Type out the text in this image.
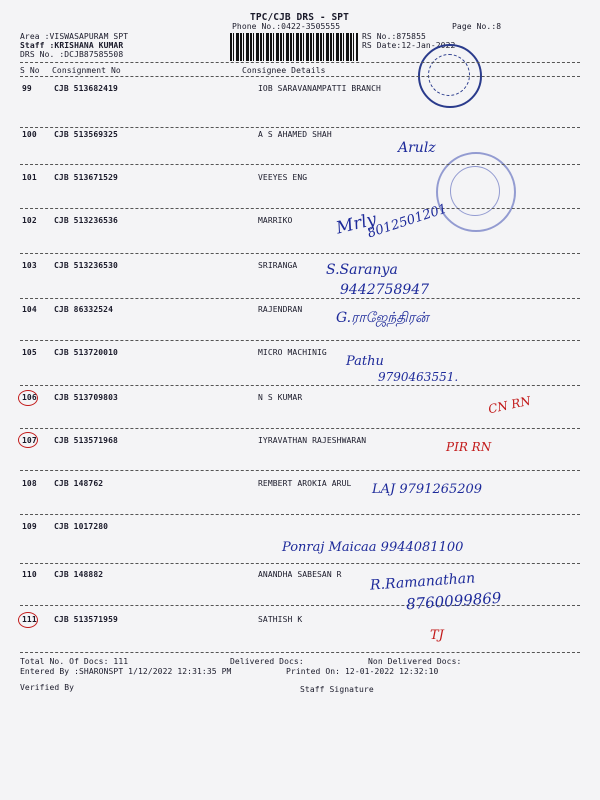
TPC/CJB DRS - SPT
Phone No.:0422-3505555	Page No.:8
Area :VISWASAPURAM SPT
Staff :KRISHANA KUMAR
DRS No. :DCJB87585508
RS No.:875855
RS Date:12-Jan-2022
S No Consignment No	Consignee Details
99	CJB 513682419	IOB SARAVANAMPATTI BRANCH
100 CJB 513569325	A S AHAMED SHAH
101 CJB 513671529	VEEYES ENG
102 CJB 513236536	MARRIKO
103 CJB 513236530	SRIRANGA
104 CJB 86332524	RAJENDRAN
105 CJB 513720010	MICRO MACHINIG
106 CJB 513709803	N S KUMAR
107 CJB 513571968	IYRAVATHAN RAJESHWARAN
108 CJB 148762	REMBERT AROKIA ARUL
109 CJB 1017280
110 CJB 148882	ANANDHA SABESAN R
111 CJB 513571959	SATHISH K
Arulz
Mrly
8012501201
S.Saranya
9442758947
G.ராஜேந்திரன்
Pathu
9790463551.
CN RN
PIR RN
LAJ 9791265209
Ponraj Maicaa 9944081100
R.Ramanathan
8760099869
TJ
Total No. Of Docs: 111	Delivered Docs:	Non Delivered Docs:
Entered By :SHARONSPT 1/12/2022 12:31:35 PM	Printed On: 12-01-2022 12:32:10
Verified By	Staff Signature
